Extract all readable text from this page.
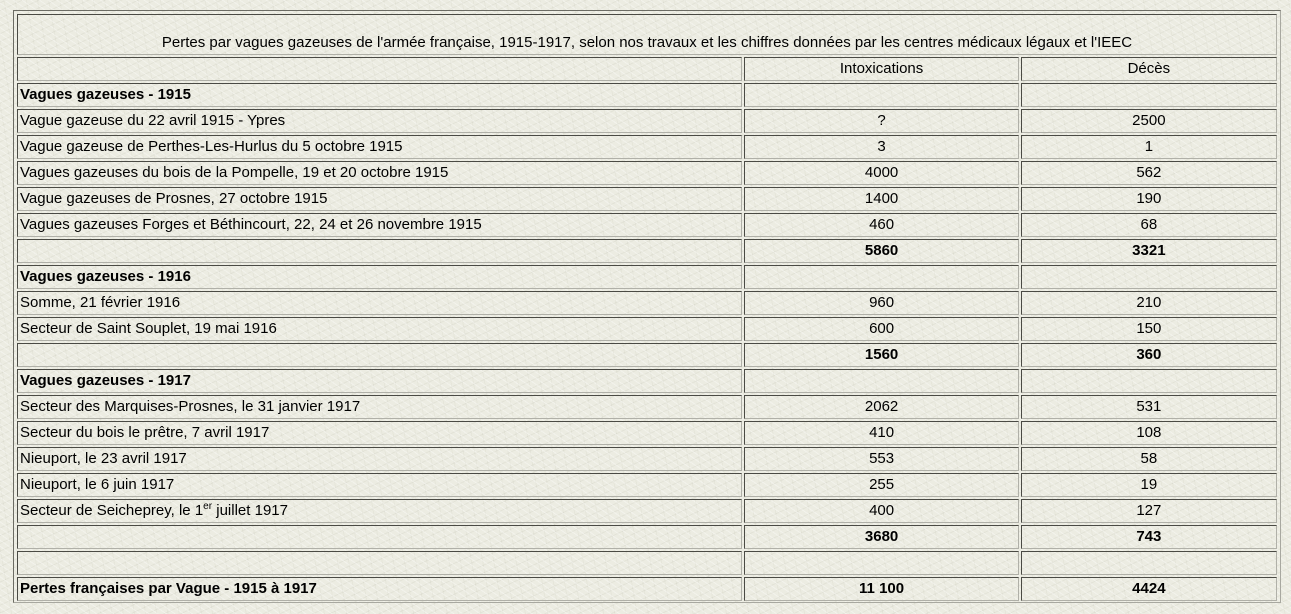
Pertes par vagues gazeuses de l'armée française, 1915-1917, selon nos travaux et les chiffres données par les centres médicaux légaux et l'IEEC		
	Intoxications	Décès
Vagues gazeuses - 1915		
Vague gazeuse du 22 avril 1915 - Ypres	?	2500
Vague gazeuse de Perthes-Les-Hurlus du 5 octobre 1915	3	1
Vagues gazeuses du bois de la Pompelle, 19 et 20 octobre 1915	4000	562
Vague gazeuses de Prosnes, 27 octobre 1915	1400	190
Vagues gazeuses Forges et Béthincourt, 22, 24 et 26 novembre 1915	460	68
	5860	3321
Vagues gazeuses - 1916		
Somme, 21 février 1916	960	210
Secteur de Saint Souplet, 19 mai 1916	600	150
	1560	360
Vagues gazeuses - 1917		
Secteur des Marquises-Prosnes, le 31 janvier 1917	2062	531
Secteur du bois le prêtre, 7 avril 1917	410	108
Nieuport, le 23 avril 1917	553	58
Nieuport, le 6 juin 1917	255	19
Secteur de Seicheprey, le 1er juillet 1917	400	127
	3680	743

Pertes françaises par Vague - 1915 à 1917	11 100	4424
